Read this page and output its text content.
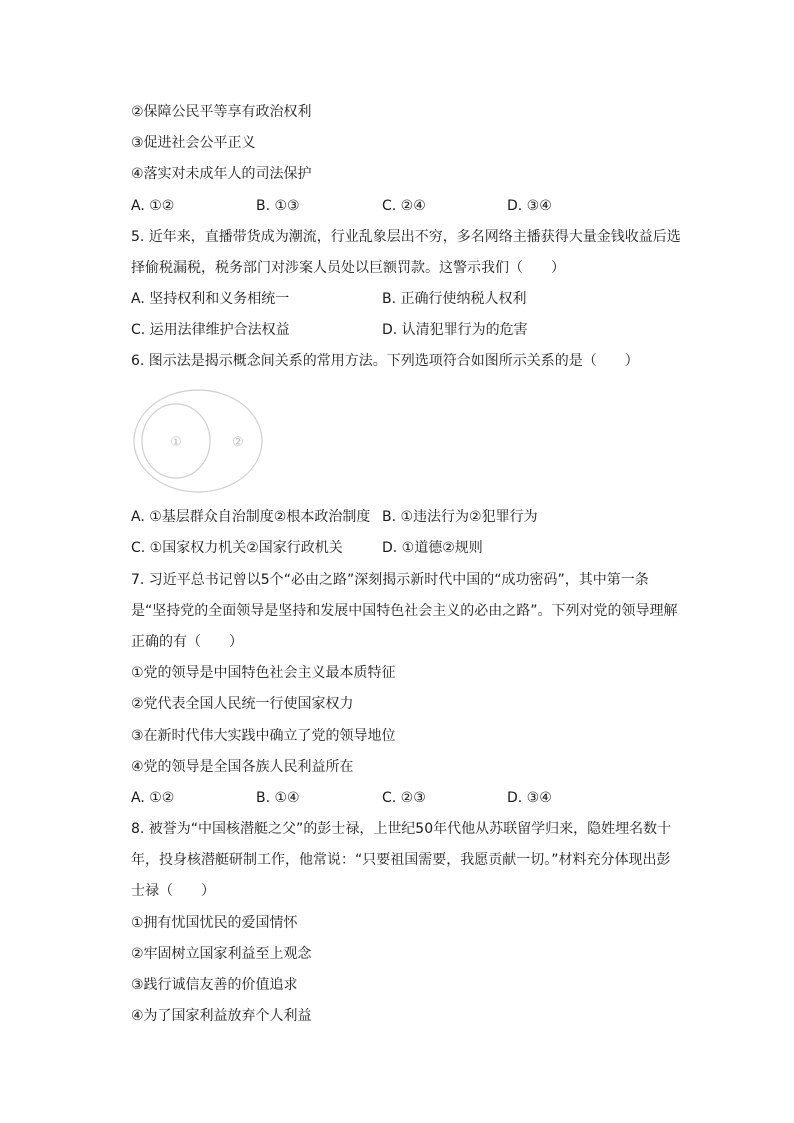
②保障公民平等享有政治权利
③促进社会公平正义
④落实对未成年人的司法保护
A. ①②	B. ①③	C. ②④	D. ③④
5. 近年来，直播带货成为潮流，行业乱象层出不穷，多名网络主播获得大量金钱收益后选
择偷税漏税，税务部门对涉案人员处以巨额罚款。这警示我们（　　）
A. 坚持权利和义务相统一	B. 正确行使纳税人权利
C. 运用法律维护合法权益	D. 认清犯罪行为的危害
6. 图示法是揭示概念间关系的常用方法。下列选项符合如图所示关系的是（　　）
①	②
A. ①基层群众自治制度②根本政治制度 B. ①违法行为②犯罪行为
C. ①国家权力机关②国家行政机关	D. ①道德②规则
7. 习近平总书记曾以5个“必由之路”深刻揭示新时代中国的“成功密码”，其中第一条
是“坚持党的全面领导是坚持和发展中国特色社会主义的必由之路”。下列对党的领导理解
正确的有（　　）
①党的领导是中国特色社会主义最本质特征
②党代表全国人民统一行使国家权力
③在新时代伟大实践中确立了党的领导地位
④党的领导是全国各族人民利益所在
A. ①②	B. ①④	C. ②③	D. ③④
8. 被誉为“中国核潜艇之父”的彭士禄，上世纪50年代他从苏联留学归来，隐姓埋名数十
年，投身核潜艇研制工作，他常说：“只要祖国需要，我愿贡献一切。”材料充分体现出彭
士禄（　　）
①拥有忧国忧民的爱国情怀
②牢固树立国家利益至上观念
③践行诚信友善的价值追求
④为了国家利益放弃个人利益
